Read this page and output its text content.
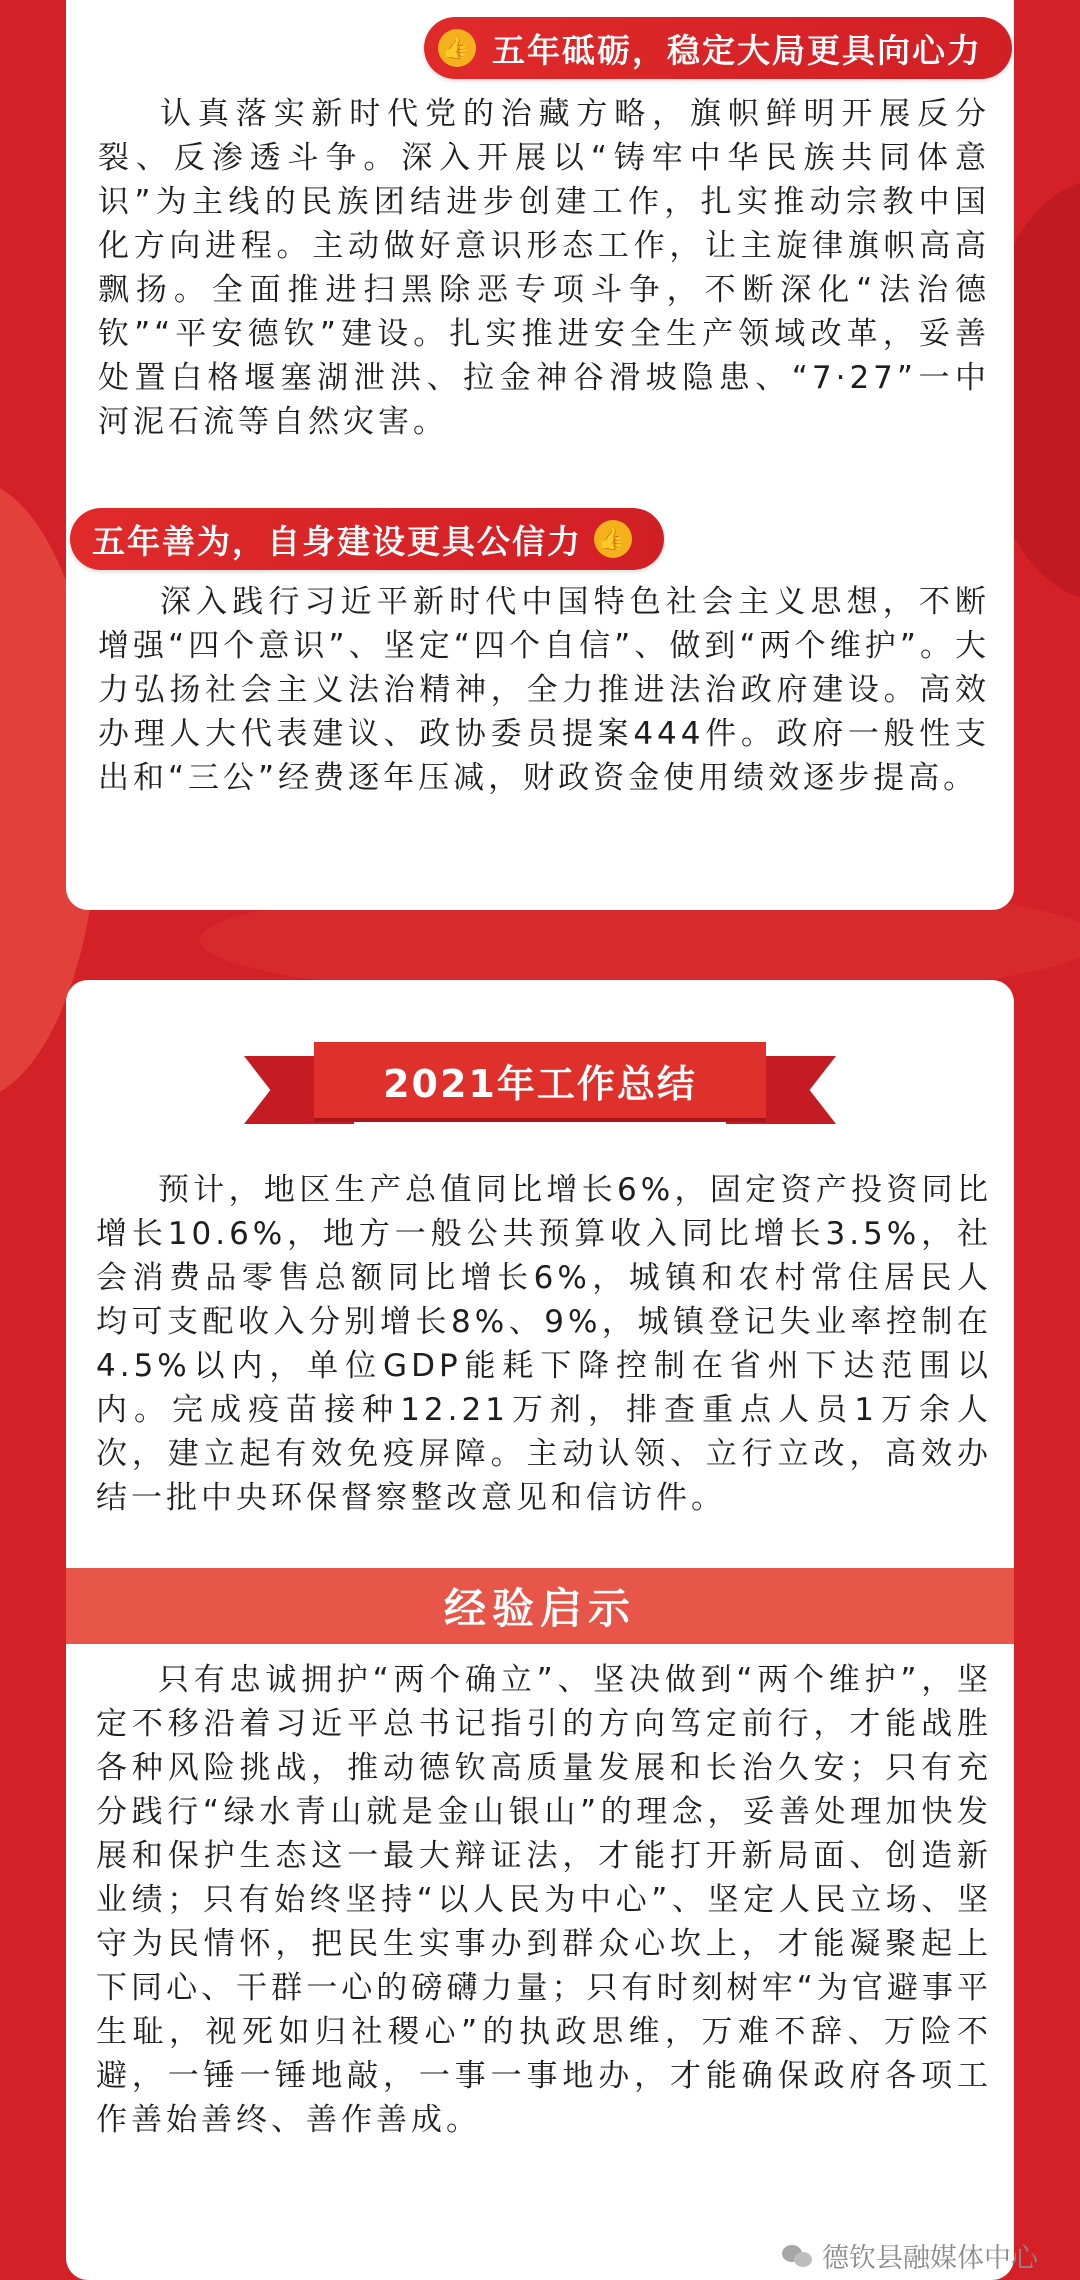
👍 五年砥砺，稳定大局更具向心力
认真落实新时代党的治藏方略，旗帜鲜明开展反分裂、反渗透斗争。深入开展以“铸牢中华民族共同体意识”为主线的民族团结进步创建工作，扎实推动宗教中国化方向进程。主动做好意识形态工作，让主旋律旗帜高高飘扬。全面推进扫黑除恶专项斗争，不断深化“法治德钦”“平安德钦”建设。扎实推进安全生产领域改革，妥善处置白格堰塞湖泄洪、拉金神谷滑坡隐患、“7·27”一中河泥石流等自然灾害。
五年善为，自身建设更具公信力 👍
深入践行习近平新时代中国特色社会主义思想，不断增强“四个意识”、坚定“四个自信”、做到“两个维护”。大力弘扬社会主义法治精神，全力推进法治政府建设。高效办理人大代表建议、政协委员提案444件。政府一般性支出和“三公”经费逐年压减，财政资金使用绩效逐步提高。
2021年工作总结
预计，地区生产总值同比增长6%，固定资产投资同比增长10.6%，地方一般公共预算收入同比增长3.5%，社会消费品零售总额同比增长6%，城镇和农村常住居民人均可支配收入分别增长8%、9%，城镇登记失业率控制在4.5%以内，单位GDP能耗下降控制在省州下达范围以内。完成疫苗接种12.21万剂，排查重点人员1万余人次，建立起有效免疫屏障。主动认领、立行立改，高效办结一批中央环保督察整改意见和信访件。
经验启示
只有忠诚拥护“两个确立”、坚决做到“两个维护”，坚定不移沿着习近平总书记指引的方向笃定前行，才能战胜各种风险挑战，推动德钦高质量发展和长治久安；只有充分践行“绿水青山就是金山银山”的理念，妥善处理加快发展和保护生态这一最大辩证法，才能打开新局面、创造新业绩；只有始终坚持“以人民为中心”、坚定人民立场、坚守为民情怀，把民生实事办到群众心坎上，才能凝聚起上下同心、干群一心的磅礴力量；只有时刻树牢“为官避事平生耻，视死如归社稷心”的执政思维，万难不辞、万险不避，一锤一锤地敲，一事一事地办，才能确保政府各项工作善始善终、善作善成。
德钦县融媒体中心
